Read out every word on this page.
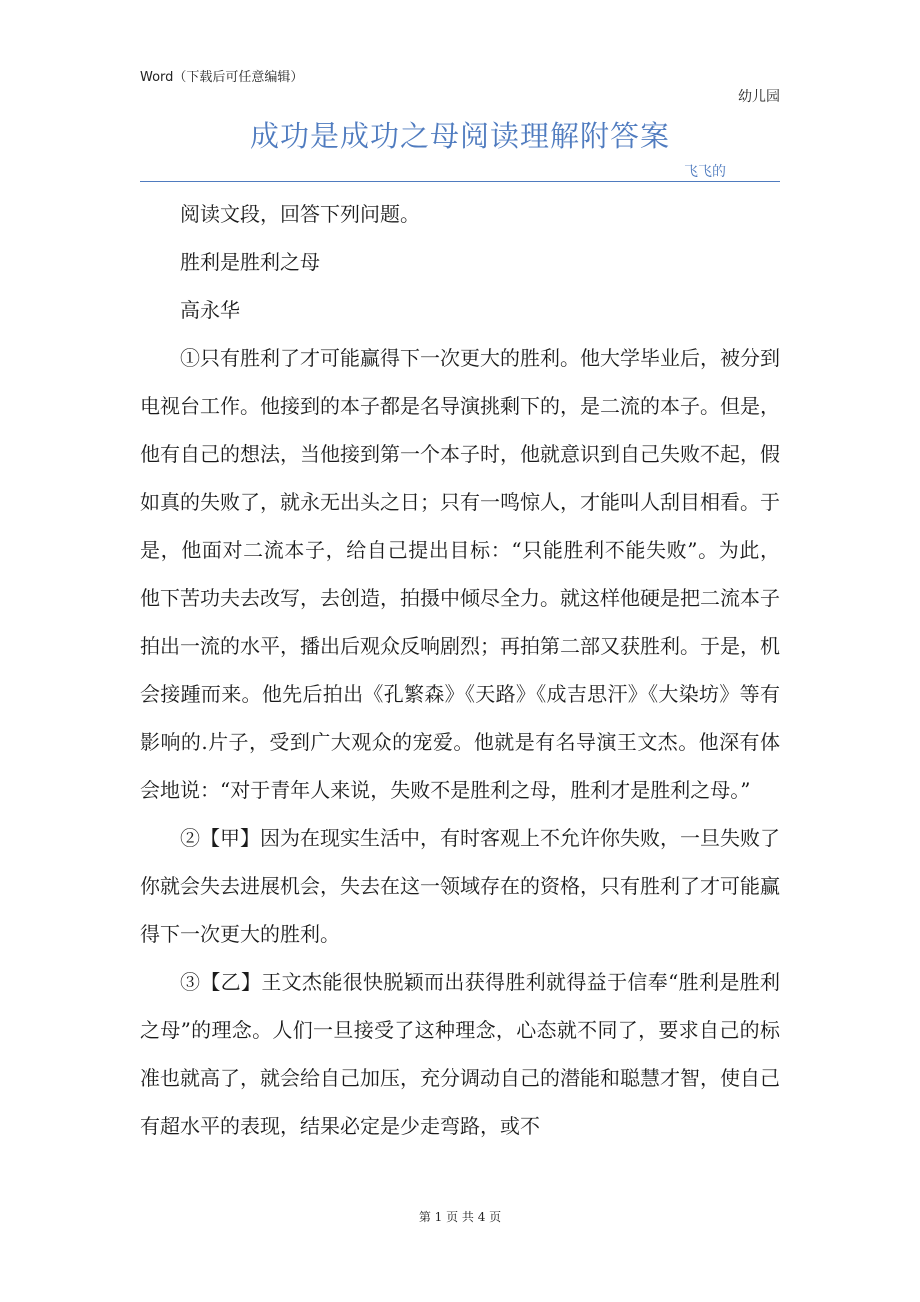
Word（下载后可任意编辑）
幼儿园
成功是成功之母阅读理解附答案
飞飞的

阅读文段，回答下列问题。

胜利是胜利之母

高永华

①只有胜利了才可能赢得下一次更大的胜利。他大学毕业后，被分到电视台工作。他接到的本子都是名导演挑剩下的，是二流的本子。但是，他有自己的想法，当他接到第一个本子时，他就意识到自己失败不起，假如真的失败了，就永无出头之日；只有一鸣惊人，才能叫人刮目相看。于是，他面对二流本子，给自己提出目标：“只能胜利不能失败”。为此，他下苦功夫去改写，去创造，拍摄中倾尽全力。就这样他硬是把二流本子拍出一流的水平，播出后观众反响剧烈；再拍第二部又获胜利。于是，机会接踵而来。他先后拍出《孔繁森》《天路》《成吉思汗》《大染坊》等有影响的.片子，受到广大观众的宠爱。他就是有名导演王文杰。他深有体会地说：“对于青年人来说，失败不是胜利之母，胜利才是胜利之母。”

②【甲】因为在现实生活中，有时客观上不允许你失败，一旦失败了你就会失去进展机会，失去在这一领域存在的资格，只有胜利了才可能赢得下一次更大的胜利。

③【乙】王文杰能很快脱颖而出获得胜利就得益于信奉“胜利是胜利之母”的理念。人们一旦接受了这种理念，心态就不同了，要求自己的标准也就高了，就会给自己加压，充分调动自己的潜能和聪慧才智，使自己有超水平的表现，结果必定是少走弯路，或不

第 1 页 共 4 页
